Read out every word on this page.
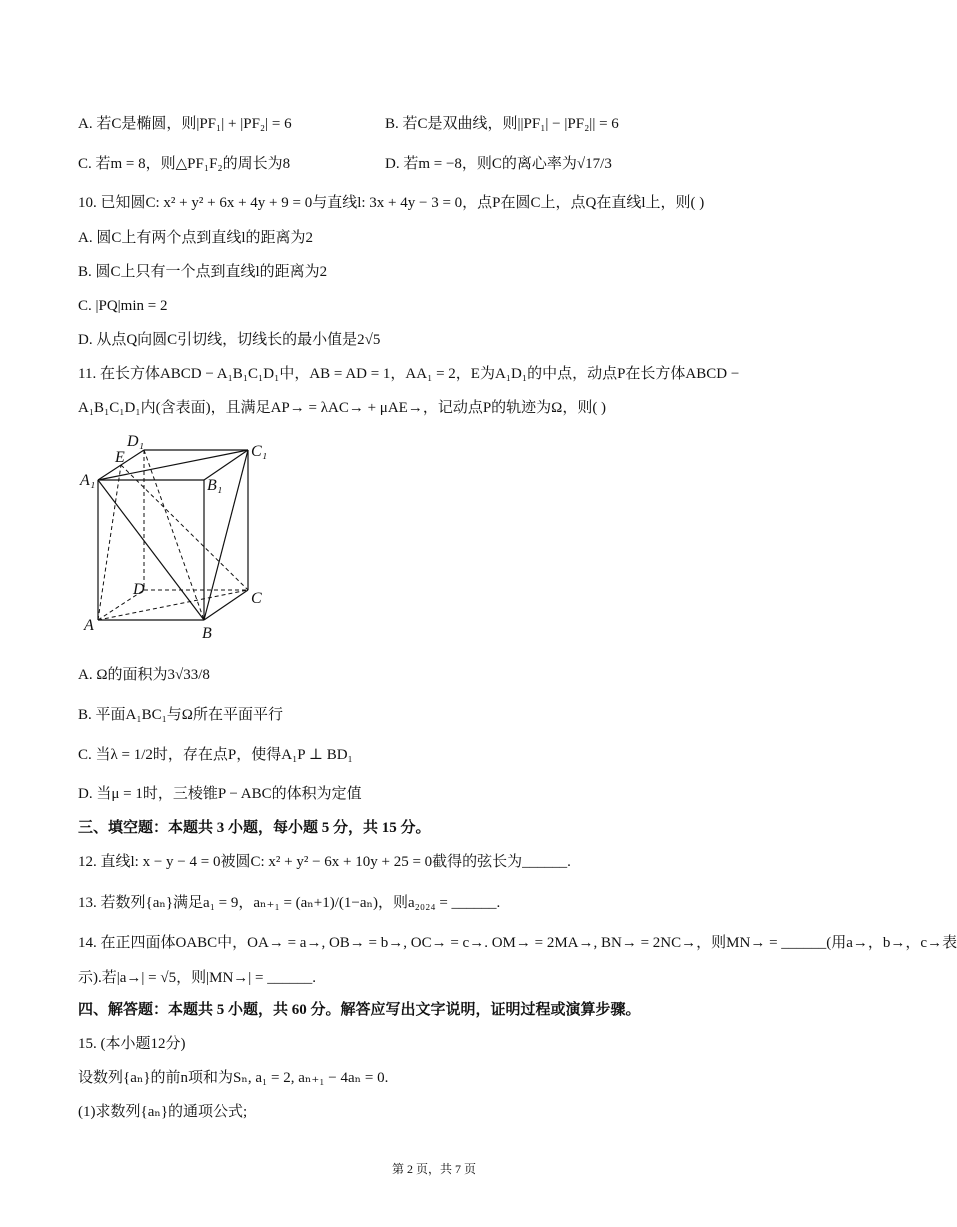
A. 若C是椭圆，则|PF₁| + |PF₂| = 6	B. 若C是双曲线，则||PF₁| − |PF₂|| = 6
C. 若m = 8，则△PF₁F₂的周长为8	D. 若m = −8，则C的离心率为√17/3
10. 已知圆C: x² + y² + 6x + 4y + 9 = 0与直线l: 3x + 4y − 3 = 0，点P在圆C上，点Q在直线l上，则( )
A. 圆C上有两个点到直线l的距离为2
B. 圆C上只有一个点到直线l的距离为2
C. |PQ|min = 2
D. 从点Q向圆C引切线，切线长的最小值是2√5
11. 在长方体ABCD − A₁B₁C₁D₁中，AB = AD = 1，AA₁ = 2，E为A₁D₁的中点，动点P在长方体ABCD −
A₁B₁C₁D₁内(含表面)，且满足AP→ = λAC→ + μAE→，记动点P的轨迹为Ω，则( )
A	B
C
D
A₁	B₁
C₁
D₁
E
A. Ω的面积为3√33/8
B. 平面A₁BC₁与Ω所在平面平行
C. 当λ = 1/2时，存在点P，使得A₁P ⊥ BD₁
D. 当μ = 1时，三棱锥P − ABC的体积为定值
三、填空题：本题共 3 小题，每小题 5 分，共 15 分。
12. 直线l: x − y − 4 = 0被圆C: x² + y² − 6x + 10y + 25 = 0截得的弦长为______.
13. 若数列{aₙ}满足a₁ = 9，aₙ₊₁ = (aₙ+1)/(1−aₙ)，则a₂₀₂₄ = ______.
14. 在正四面体OABC中，OA→ = a→, OB→ = b→, OC→ = c→. OM→ = 2MA→, BN→ = 2NC→，则MN→ = ______(用a→，b→，c→表
示).若|a→| = √5，则|MN→| = ______.
四、解答题：本题共 5 小题，共 60 分。解答应写出文字说明，证明过程或演算步骤。
15. (本小题12分)
设数列{aₙ}的前n项和为Sₙ, a₁ = 2, aₙ₊₁ − 4aₙ = 0.
(1)求数列{aₙ}的通项公式;
第 2 页，共 7 页
